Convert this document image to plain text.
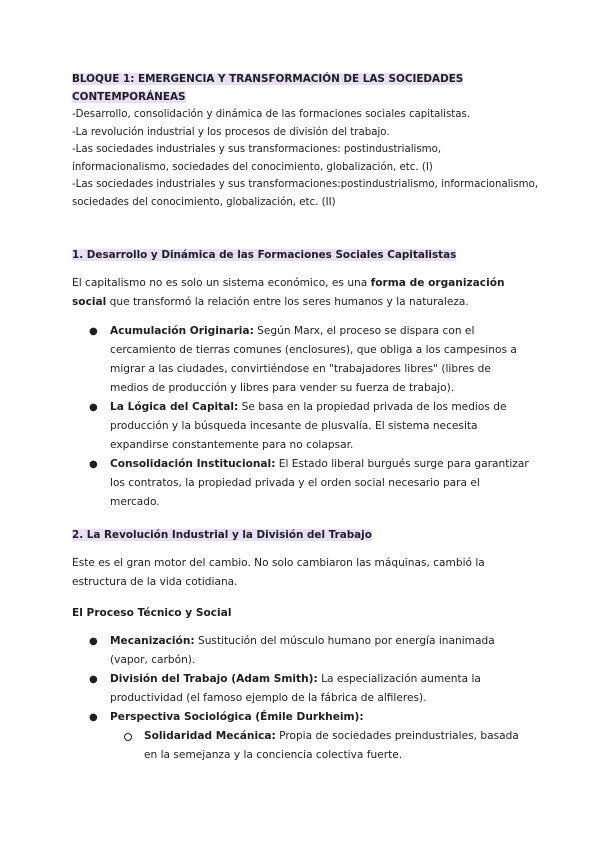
BLOQUE 1: EMERGENCIA Y TRANSFORMACIÓN DE LAS SOCIEDADES
CONTEMPORÁNEAS
-Desarrollo, consolidación y dinámica de las formaciones sociales capitalistas.
-La revolución industrial y los procesos de división del trabajo.
-Las sociedades industriales y sus transformaciones: postindustrialismo,
informacionalismo, sociedades del conocimiento, globalización, etc. (I)
-Las sociedades industriales y sus transformaciones:postindustrialismo, informacionalismo,
sociedades del conocimiento, globalización, etc. (II)
1. Desarrollo y Dinámica de las Formaciones Sociales Capitalistas

El capitalismo no es solo un sistema económico, es una forma de organización social que transformó la relación entre los seres humanos y la naturaleza.

● Acumulación Originaria: Según Marx, el proceso se dispara con el cercamiento de tierras comunes (enclosures), que obliga a los campesinos a migrar a las ciudades, convirtiéndose en "trabajadores libres" (libres de medios de producción y libres para vender su fuerza de trabajo).
● La Lógica del Capital: Se basa en la propiedad privada de los medios de producción y la búsqueda incesante de plusvalía. El sistema necesita expandirse constantemente para no colapsar.
● Consolidación Institucional: El Estado liberal burgués surge para garantizar los contratos, la propiedad privada y el orden social necesario para el mercado.
2. La Revolución Industrial y la División del Trabajo

Este es el gran motor del cambio. No solo cambiaron las máquinas, cambió la estructura de la vida cotidiana.

El Proceso Técnico y Social
● Mecanización: Sustitución del músculo humano por energía inanimada (vapor, carbón).
● División del Trabajo (Adam Smith): La especialización aumenta la productividad (el famoso ejemplo de la fábrica de alfileres).
● Perspectiva Sociológica (Émile Durkheim):
Solidaridad Mecánica: Propia de sociedades preindustriales, basada en la semejanza y la conciencia colectiva fuerte.
